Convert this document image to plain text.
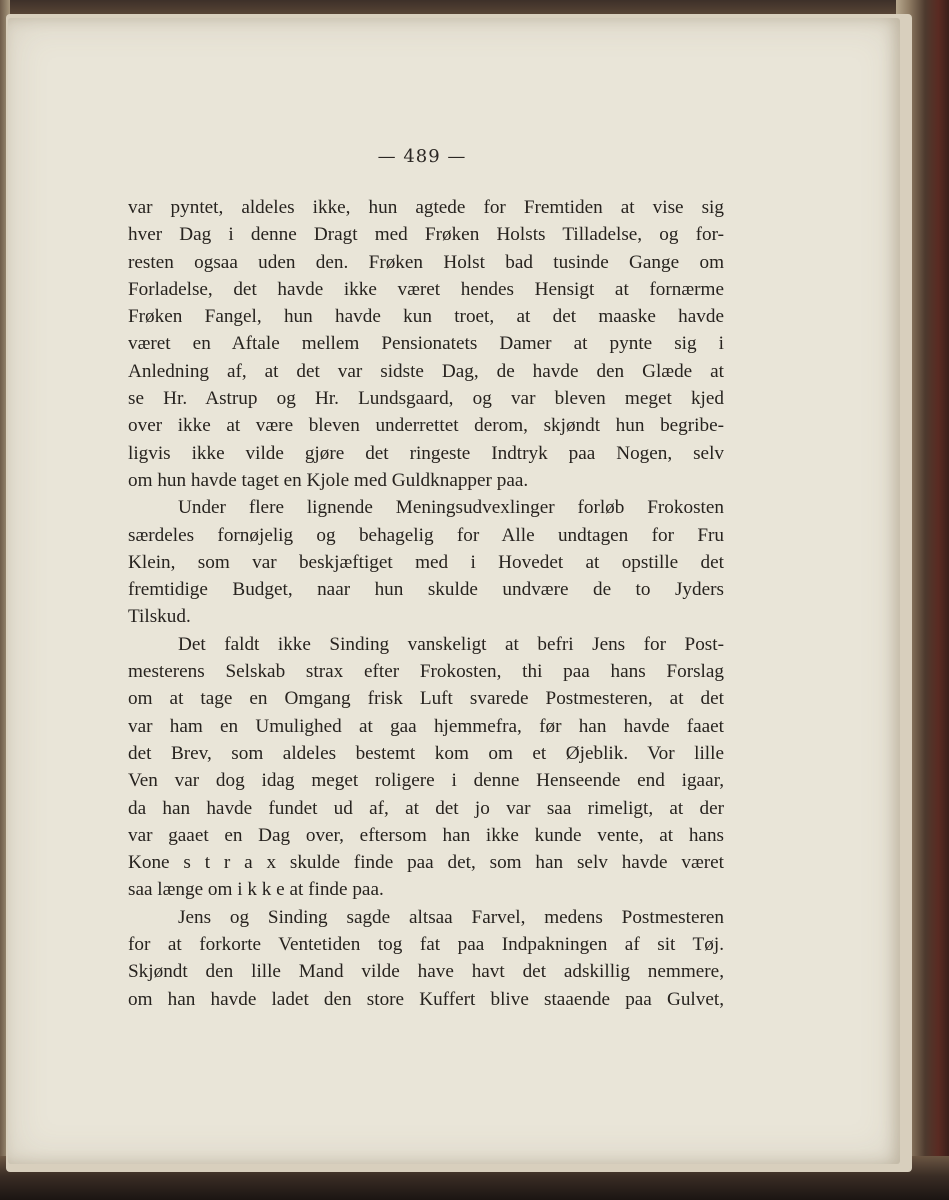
— 489 —
var pyntet, aldeles ikke, hun agtede for Fremtiden at vise sig
hver Dag i denne Dragt med Frøken Holsts Tilladelse, og for-
resten ogsaa uden den. Frøken Holst bad tusinde Gange om
Forladelse, det havde ikke været hendes Hensigt at fornærme
Frøken Fangel, hun havde kun troet, at det maaske havde
været en Aftale mellem Pensionatets Damer at pynte sig i
Anledning af, at det var sidste Dag, de havde den Glæde at
se Hr. Astrup og Hr. Lundsgaard, og var bleven meget kjed
over ikke at være bleven underrettet derom, skjøndt hun begribe-
ligvis ikke vilde gjøre det ringeste Indtryk paa Nogen, selv
om hun havde taget en Kjole med Guldknapper paa.
Under flere lignende Meningsudvexlinger forløb Frokosten
særdeles fornøjelig og behagelig for Alle undtagen for Fru
Klein, som var beskjæftiget med i Hovedet at opstille det
fremtidige Budget, naar hun skulde undvære de to Jyders
Tilskud.
Det faldt ikke Sinding vanskeligt at befri Jens for Post-
mesterens Selskab strax efter Frokosten, thi paa hans Forslag
om at tage en Omgang frisk Luft svarede Postmesteren, at det
var ham en Umulighed at gaa hjemmefra, før han havde faaet
det Brev, som aldeles bestemt kom om et Øjeblik. Vor lille
Ven var dog idag meget roligere i denne Henseende end igaar,
da han havde fundet ud af, at det jo var saa rimeligt, at der
var gaaet en Dag over, eftersom han ikke kunde vente, at hans
Kone s t r a x skulde finde paa det, som han selv havde været
saa længe om i k k e at finde paa.
Jens og Sinding sagde altsaa Farvel, medens Postmesteren
for at forkorte Ventetiden tog fat paa Indpakningen af sit Tøj.
Skjøndt den lille Mand vilde have havt det adskillig nemmere,
om han havde ladet den store Kuffert blive staaende paa Gulvet,
